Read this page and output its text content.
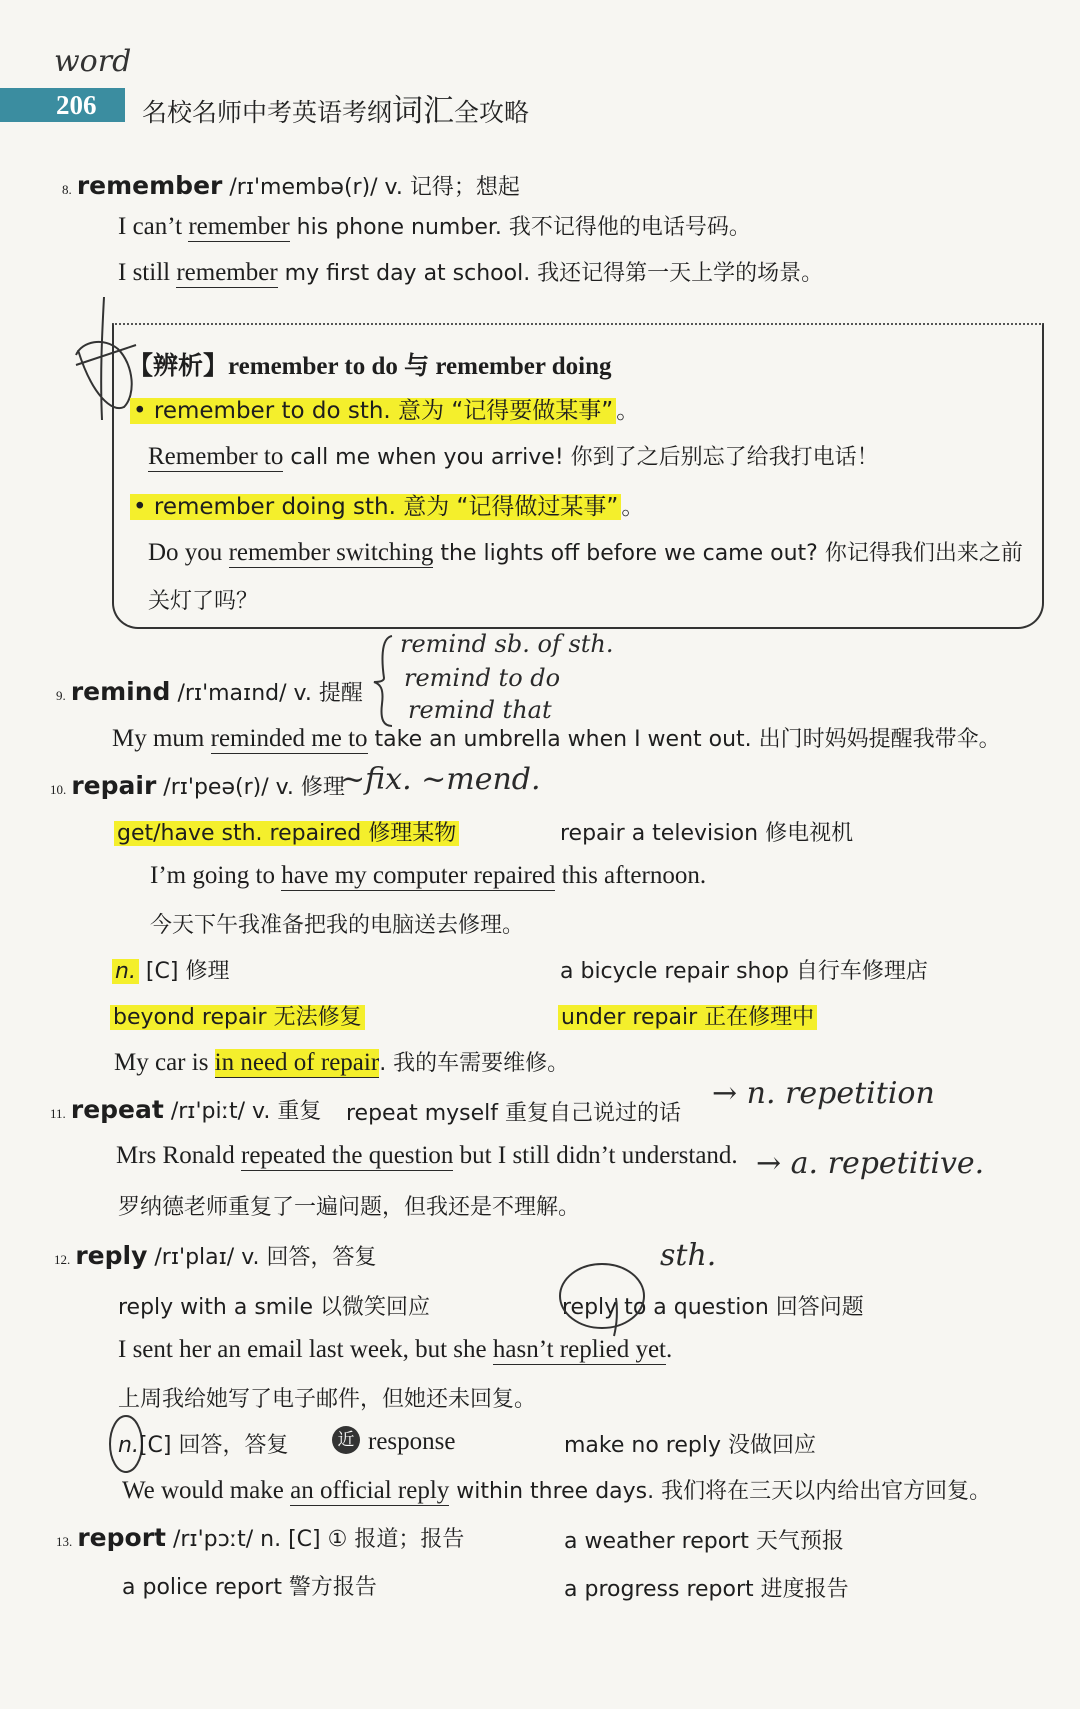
206
word
名校名师中考英语考纲词汇全攻略
8. remember /rɪ'membə(r)/ v. 记得；想起
I can’t remember his phone number. 我不记得他的电话号码。
I still remember my first day at school. 我还记得第一天上学的场景。
【辨析】remember to do 与 remember doing
• remember to do sth. 意为 “记得要做某事” 。
Remember to call me when you arrive! 你到了之后别忘了给我打电话！
• remember doing sth. 意为 “记得做过某事” 。
Do you remember switching the lights off before we came out? 你记得我们出来之前
关灯了吗？
9. remind /rɪ'maɪnd/ v. 提醒
remind sb. of sth.
remind to do
remind that
My mum reminded me to take an umbrella when I went out. 出门时妈妈提醒我带伞。
10. repair /rɪ'peə(r)/ v. 修理
~fix. ~mend.
get/have sth. repaired 修理某物	repair a television 修电视机
I’m going to have my computer repaired this afternoon.
今天下午我准备把我的电脑送去修理。
n. [C] 修理	a bicycle repair shop 自行车修理店
beyond repair 无法修复	under repair 正在修理中
My car is in need of repair. 我的车需要维修。
11. repeat /rɪ'piːt/ v. 重复 repeat myself 重复自己说过的话
→ n. repetition
Mrs Ronald repeated the question but I still didn’t understand. → a. repetitive.
罗纳德老师重复了一遍问题，但我还是不理解。
12. reply /rɪ'plaɪ/ v. 回答，答复	sth.
reply with a smile 以微笑回应	reply to a question 回答问题
I sent her an email last week, but she hasn’t replied yet.
上周我给她写了电子邮件，但她还未回复。
n.[C] 回答，答复	近 response	make no reply 没做回应
We would make an official reply within three days. 我们将在三天以内给出官方回复。
13. report /rɪ'pɔːt/ n. [C] ① 报道；报告	a weather report 天气预报
a police report 警方报告	a progress report 进度报告
